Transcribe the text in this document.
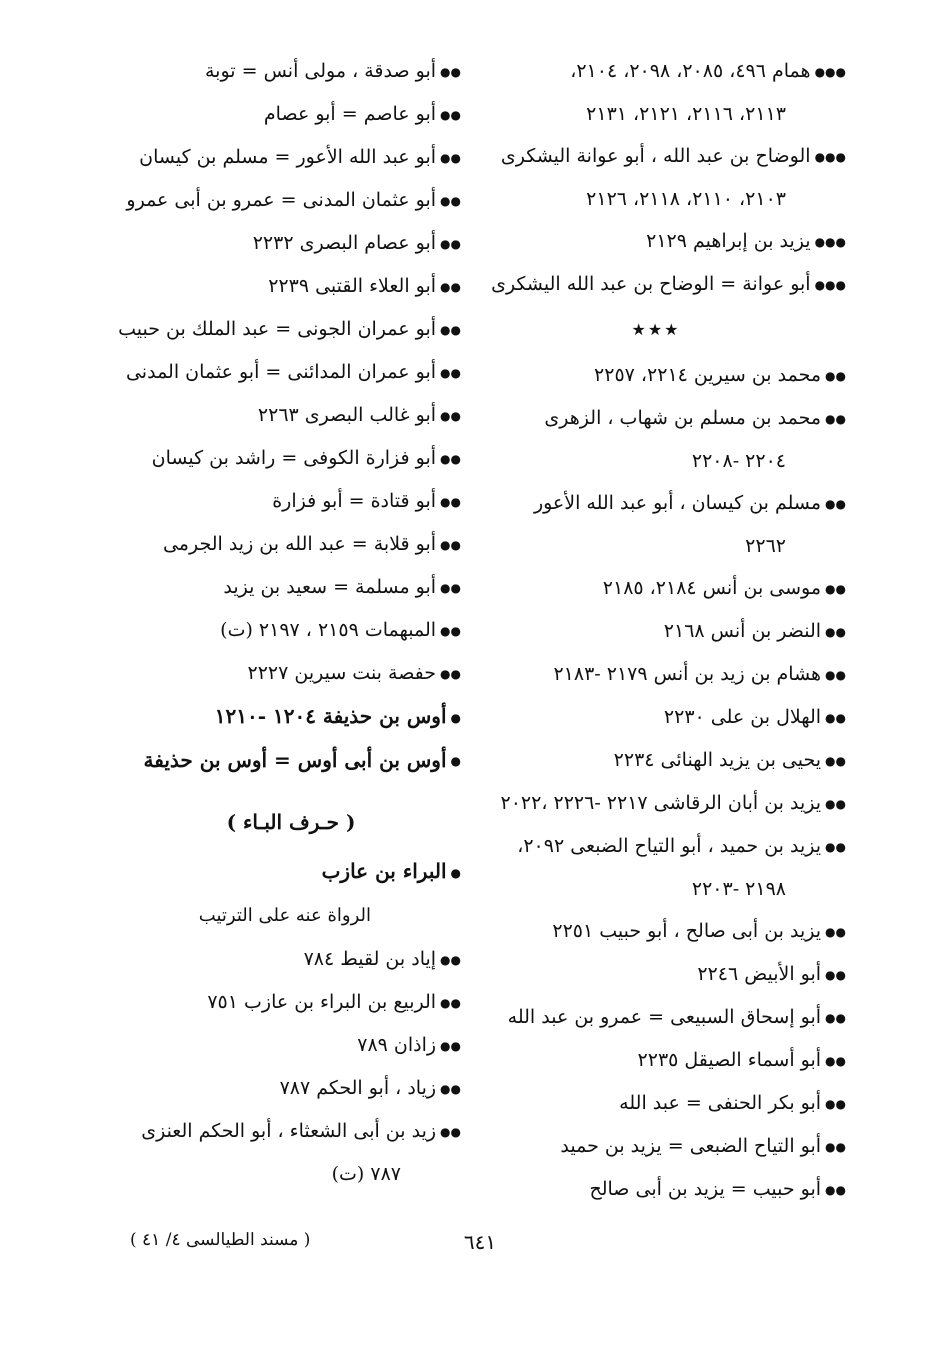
●●●همام ٤٩٦، ٢٠٨٥، ٢٠٩٨، ٢١٠٤،
٢١١٣، ٢١١٦، ٢١٢١، ٢١٣١
●●●الوضاح بن عبد الله ، أبو عوانة اليشكرى
٢١٠٣، ٢١١٠، ٢١١٨، ٢١٢٦
●●●يزيد بن إبراهيم ٢١٢٩
●●●أبو عوانة = الوضاح بن عبد الله اليشكرى
★★★
●●محمد بن سيرين ٢٢١٤، ٢٢٥٧
●●محمد بن مسلم بن شهاب ، الزهرى
٢٢٠٤ -٢٢٠٨
●●مسلم بن كيسان ، أبو عبد الله الأعور
٢٢٦٢
●●موسى بن أنس ٢١٨٤، ٢١٨٥
●●النضر بن أنس ٢١٦٨
●●هشام بن زيد بن أنس ٢١٧٩ -٢١٨٣
●●الهلال بن على ٢٢٣٠
●●يحيى بن يزيد الهنائى ٢٢٣٤
●●يزيد بن أبان الرقاشى ٢٢١٧ -٢٢٢٦ ،٢٠٢٢
●●يزيد بن حميد ، أبو التياح الضبعى ٢٠٩٢،
٢١٩٨ -٢٢٠٣
●●يزيد بن أبى صالح ، أبو حبيب ٢٢٥١
●●أبو الأبيض ٢٢٤٦
●●أبو إسحاق السبيعى = عمرو بن عبد الله
●●أبو أسماء الصيقل ٢٢٣٥
●●أبو بكر الحنفى = عبد الله
●●أبو التياح الضبعى = يزيد بن حميد
●●أبو حبيب = يزيد بن أبى صالح
●●أبو صدقة ، مولى أنس = توبة
●●أبو عاصم = أبو عصام
●●أبو عبد الله الأعور = مسلم بن كيسان
●●أبو عثمان المدنى = عمرو بن أبى عمرو
●●أبو عصام البصرى ٢٢٣٢
●●أبو العلاء القتبى ٢٢٣٩
●●أبو عمران الجونى = عبد الملك بن حبيب
●●أبو عمران المدائنى = أبو عثمان المدنى
●●أبو غالب البصرى ٢٢٦٣
●●أبو فزارة الكوفى = راشد بن كيسان
●●أبو قتادة = أبو فزارة
●●أبو قلابة = عبد الله بن زيد الجرمى
●●أبو مسلمة = سعيد بن يزيد
●●المبهمات ٢١٥٩ ، ٢١٩٧ (ت)
●●حفصة بنت سيرين ٢٢٢٧
●أوس بن حذيفة ١٢٠٤ -١٢١٠
●أوس بن أبى أوس = أوس بن حذيفة
( حـرف البـاء )
●البراء بن عازب
الرواة عنه على الترتيب
●●إياد بن لقيط ٧٨٤
●●الربيع بن البراء بن عازب ٧٥١
●●زاذان ٧٨٩
●●زياد ، أبو الحكم ٧٨٧
●●زيد بن أبى الشعثاء ، أبو الحكم العنزى
٧٨٧ (ت)
٦٤١
( مسند الطيالسى ٤/ ٤١ )
